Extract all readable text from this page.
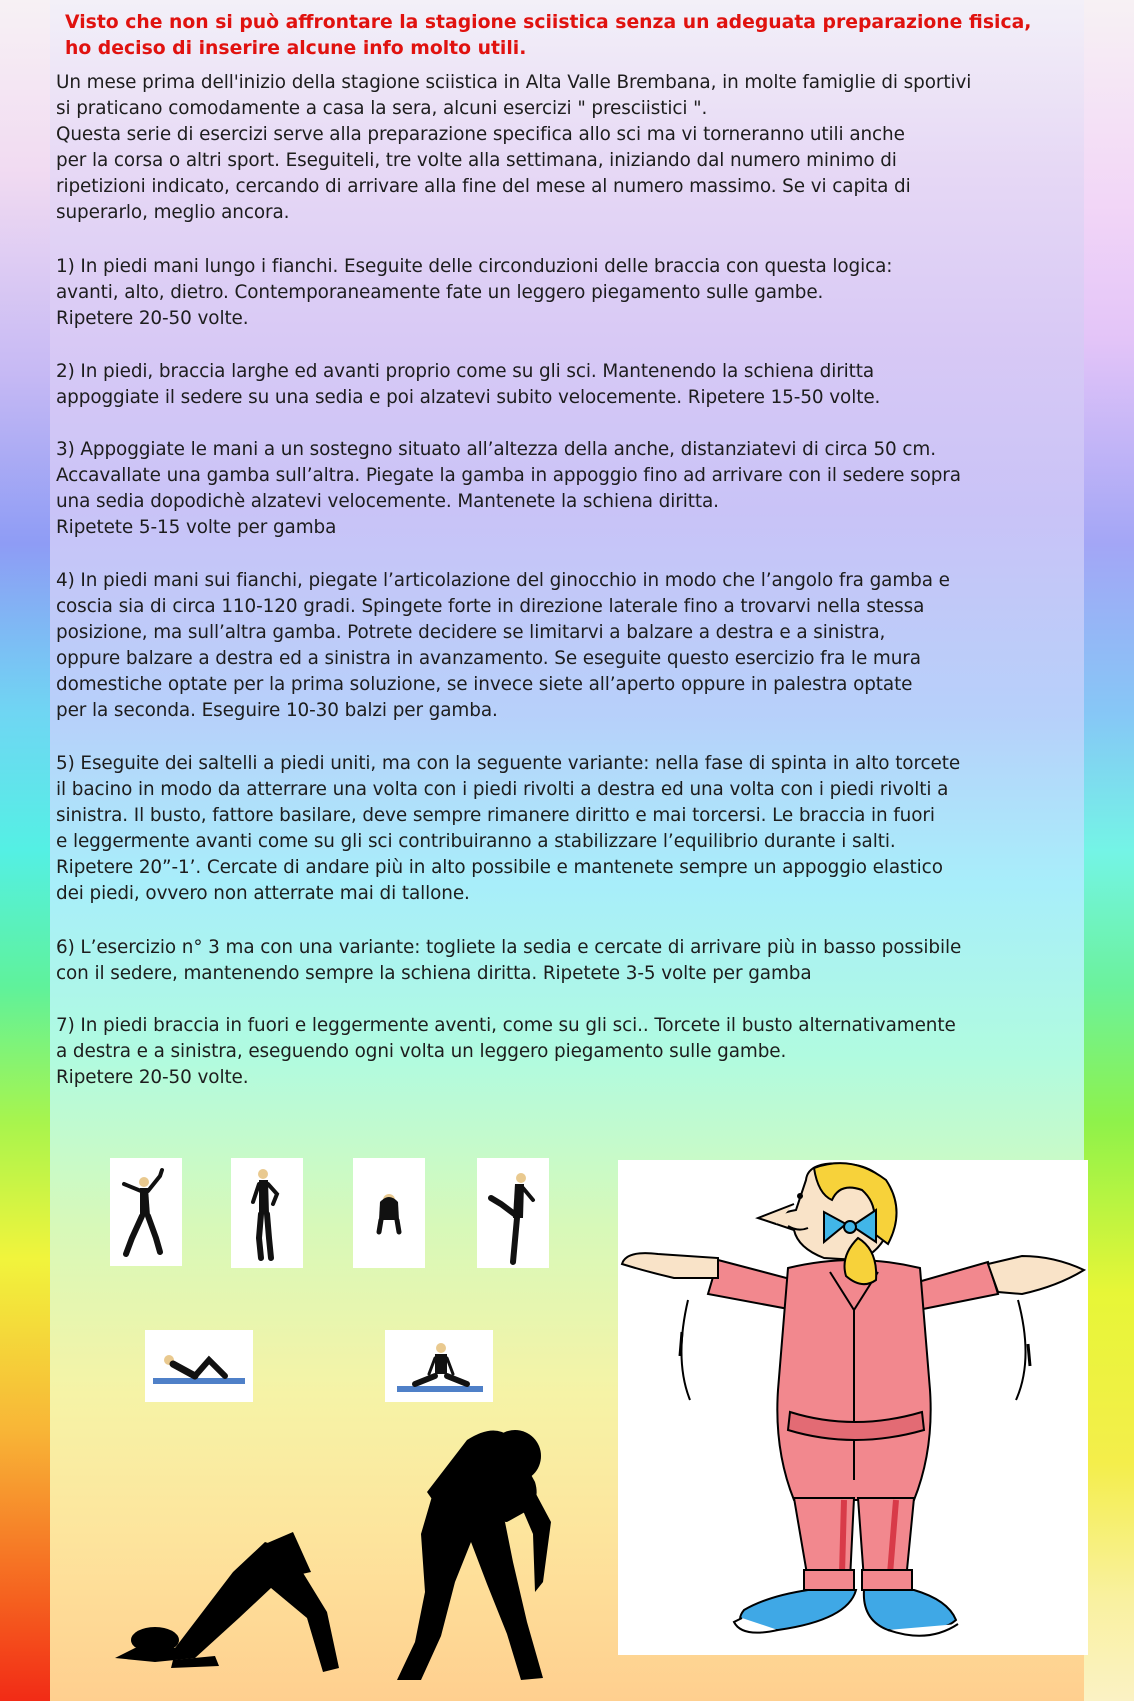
Visto che non si può affrontare la stagione sciistica senza un adeguata preparazione fisica,
ho deciso di inserire alcune info molto utili.

Un mese prima dell'inizio della stagione sciistica in Alta Valle Brembana, in molte famiglie di sportivi
si praticano comodamente a casa la sera, alcuni esercizi " presciistici ".
Questa serie di esercizi serve alla preparazione specifica allo sci ma vi torneranno utili anche
per la corsa o altri sport. Eseguiteli, tre volte alla settimana, iniziando dal numero minimo di
ripetizioni indicato, cercando di arrivare alla fine del mese al numero massimo. Se vi capita di
superarlo, meglio ancora.

1) In piedi mani lungo i fianchi. Eseguite delle circonduzioni delle braccia con questa logica:
avanti, alto, dietro. Contemporaneamente fate un leggero piegamento sulle gambe.
Ripetere 20-50 volte.

2) In piedi, braccia larghe ed avanti proprio come su gli sci. Mantenendo la schiena diritta
appoggiate il sedere su una sedia e poi alzatevi subito velocemente. Ripetere 15-50 volte.

3) Appoggiate le mani a un sostegno situato all’altezza della anche, distanziatevi di circa 50 cm.
Accavallate una gamba sull’altra. Piegate la gamba in appoggio fino ad arrivare con il sedere sopra
una sedia dopodichè alzatevi velocemente. Mantenete la schiena diritta.
Ripetete 5-15 volte per gamba

4) In piedi mani sui fianchi, piegate l’articolazione del ginocchio in modo che l’angolo fra gamba e
coscia sia di circa 110-120 gradi. Spingete forte in direzione laterale fino a trovarvi nella stessa
posizione, ma sull’altra gamba. Potrete decidere se limitarvi a balzare a destra e a sinistra,
oppure balzare a destra ed a sinistra in avanzamento. Se eseguite questo esercizio fra le mura
domestiche optate per la prima soluzione, se invece siete all’aperto oppure in palestra optate
per la seconda. Eseguire 10-30 balzi per gamba.

5) Eseguite dei saltelli a piedi uniti, ma con la seguente variante: nella fase di spinta in alto torcete
il bacino in modo da atterrare una volta con i piedi rivolti a destra ed una volta con i piedi rivolti a
sinistra. Il busto, fattore basilare, deve sempre rimanere diritto e mai torcersi. Le braccia in fuori
e leggermente avanti come su gli sci contribuiranno a stabilizzare l’equilibrio durante i salti.
Ripetere 20”-1’. Cercate di andare più in alto possibile e mantenete sempre un appoggio elastico
dei piedi, ovvero non atterrate mai di tallone.

6) L’esercizio n° 3 ma con una variante: togliete la sedia e cercate di arrivare più in basso possibile
con il sedere, mantenendo sempre la schiena diritta. Ripetete 3-5 volte per gamba

7) In piedi braccia in fuori e leggermente aventi, come su gli sci.. Torcete il busto alternativamente
a destra e a sinistra, eseguendo ogni volta un leggero piegamento sulle gambe.
Ripetere 20-50 volte.
